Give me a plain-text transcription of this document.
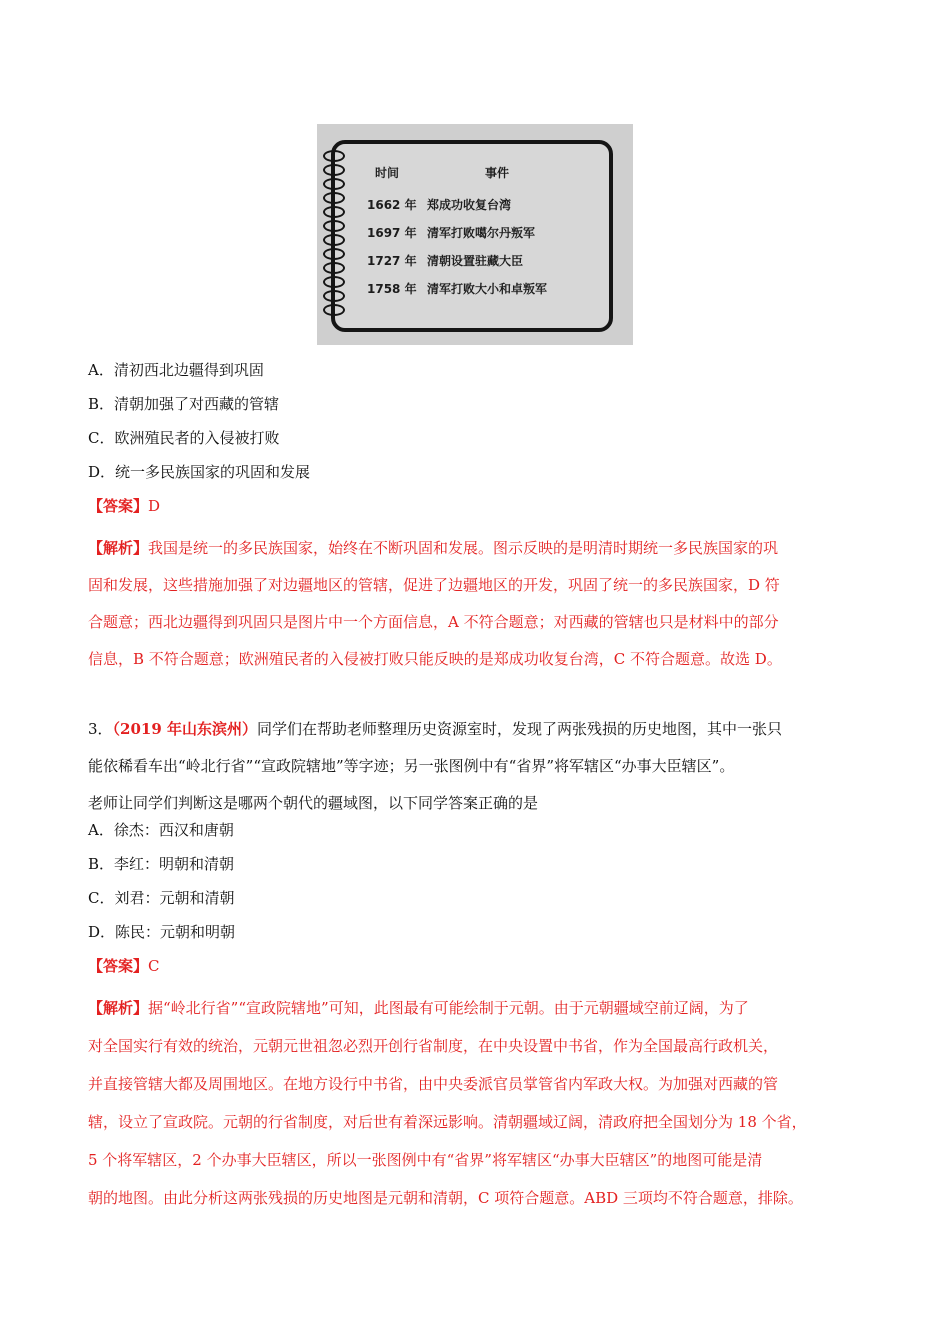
时间	事件
1662 年 郑成功收复台湾
1697 年 清军打败噶尔丹叛军
1727 年 清朝设置驻藏大臣
1758 年 清军打败大小和卓叛军
A．清初西北边疆得到巩固
B．清朝加强了对西藏的管辖
C．欧洲殖民者的入侵被打败
D．统一多民族国家的巩固和发展
【答案】D
【解析】我国是统一的多民族国家，始终在不断巩固和发展。图示反映的是明清时期统一多民族国家的巩
固和发展，这些措施加强了对边疆地区的管辖，促进了边疆地区的开发，巩固了统一的多民族国家，D 符
合题意；西北边疆得到巩固只是图片中一个方面信息，A 不符合题意；对西藏的管辖也只是材料中的部分
信息，B 不符合题意；欧洲殖民者的入侵被打败只能反映的是郑成功收复台湾，C 不符合题意。故选 D。
3．（2019 年山东滨州）同学们在帮助老师整理历史资源室时，发现了两张残损的历史地图，其中一张只
能依稀看车出“岭北行省”“宣政院辖地”等字迹；另一张图例中有“省界”将军辖区“办事大臣辖区”。
老师让同学们判断这是哪两个朝代的疆域图，以下同学答案正确的是
A．徐杰：西汉和唐朝
B．李红：明朝和清朝
C．刘君：元朝和清朝
D．陈民：元朝和明朝
【答案】C
【解析】据“岭北行省”“宣政院辖地”可知，此图最有可能绘制于元朝。由于元朝疆域空前辽阔，为了
对全国实行有效的统治，元朝元世祖忽必烈开创行省制度，在中央设置中书省，作为全国最高行政机关，
并直接管辖大都及周围地区。在地方设行中书省，由中央委派官员掌管省内军政大权。为加强对西藏的管
辖，设立了宣政院。元朝的行省制度，对后世有着深远影响。清朝疆域辽阔，清政府把全国划分为 18 个省，
5 个将军辖区，2 个办事大臣辖区，所以一张图例中有“省界”将军辖区“办事大臣辖区”的地图可能是清
朝的地图。由此分析这两张残损的历史地图是元朝和清朝，C 项符合题意。ABD 三项均不符合题意，排除。
